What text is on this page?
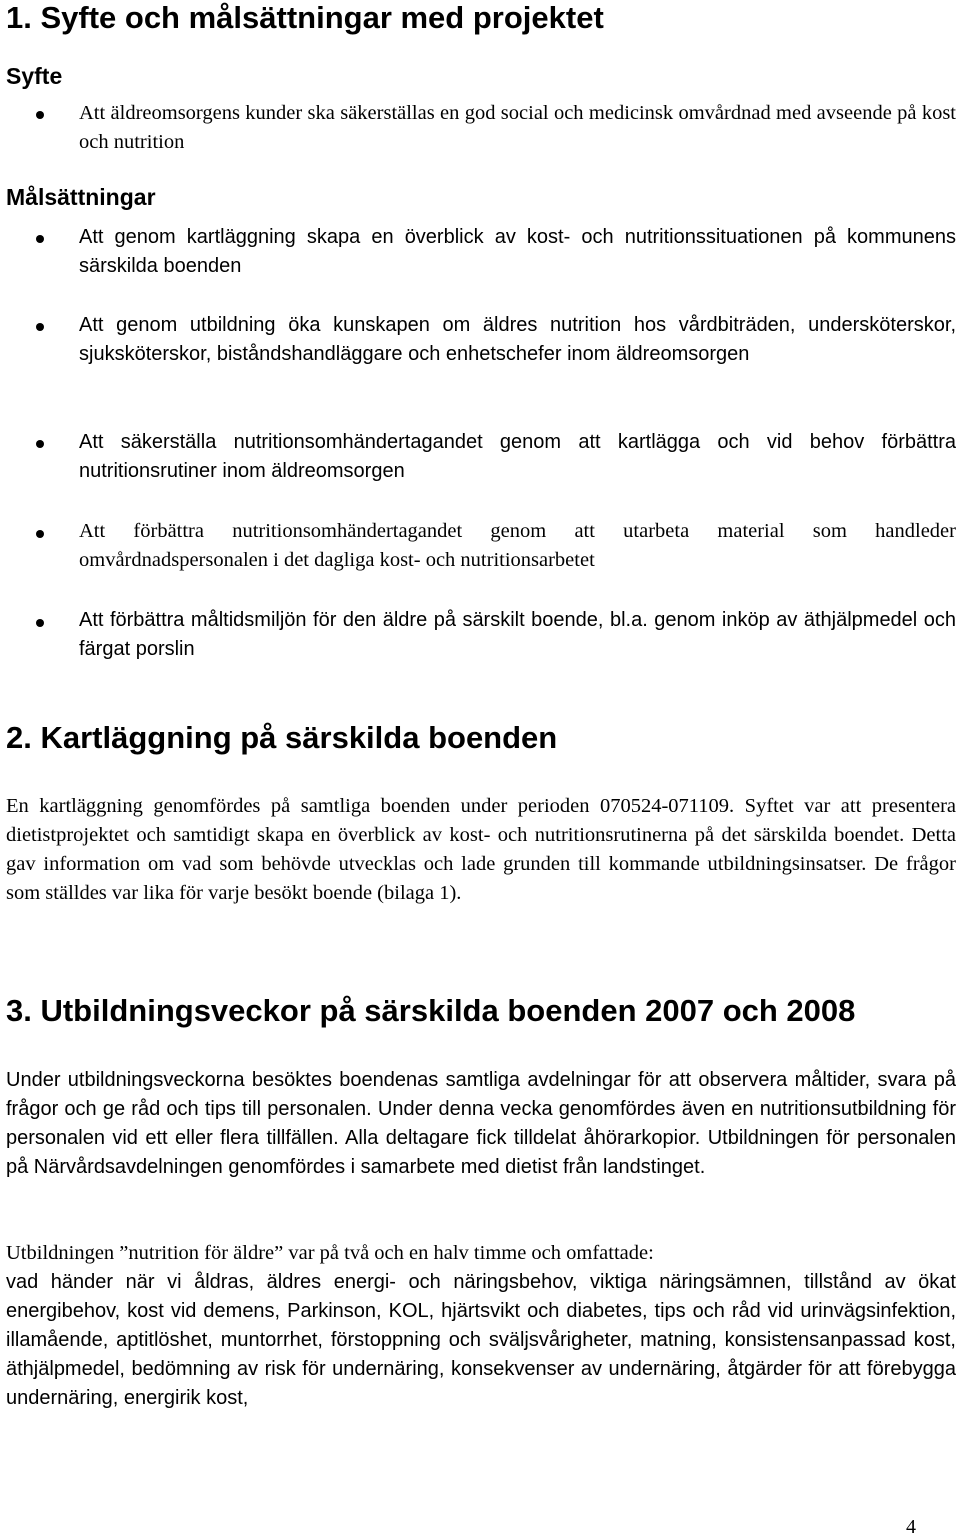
1. Syfte och målsättningar med projektet
Syfte

Att äldreomsorgens kunder ska säkerställas en god social och medicinsk omvårdnad med avseende på kost och nutrition

Målsättningar

Att genom kartläggning skapa en överblick av kost- och nutritionssituationen på kommunens särskilda boenden

Att genom utbildning öka kunskapen om äldres nutrition hos vårdbiträden, undersköterskor, sjuksköterskor, biståndshandläggare och enhetschefer inom äldreomsorgen

Att säkerställa nutritionsomhändertagandet genom att kartlägga och vid behov förbättra nutritionsrutiner inom äldreomsorgen

Att förbättra nutritionsomhändertagandet genom att utarbeta material som handleder omvårdnadspersonalen i det dagliga kost- och nutritionsarbetet

Att förbättra måltidsmiljön för den äldre på särskilt boende, bl.a. genom inköp av äthjälpmedel och färgat porslin

2. Kartläggning på särskilda boenden

En kartläggning genomfördes på samtliga boenden under perioden 070524-071109. Syftet var att presentera dietistprojektet och samtidigt skapa en överblick av kost- och nutritionsrutinerna på det särskilda boendet. Detta gav information om vad som behövde utvecklas och lade grunden till kommande utbildningsinsatser. De frågor som ställdes var lika för varje besökt boende (bilaga 1).

3. Utbildningsveckor på särskilda boenden 2007 och 2008

Under utbildningsveckorna besöktes boendenas samtliga avdelningar för att observera måltider, svara på frågor och ge råd och tips till personalen. Under denna vecka genomfördes även en nutritionsutbildning för personalen vid ett eller flera tillfällen. Alla deltagare fick tilldelat åhörarkopior. Utbildningen för personalen på Närvårdsavdelningen genomfördes i samarbete med dietist från landstinget.

Utbildningen ”nutrition för äldre” var på två och en halv timme och omfattade:

vad händer när vi åldras, äldres energi- och näringsbehov, viktiga näringsämnen, tillstånd av ökat energibehov, kost vid demens, Parkinson, KOL, hjärtsvikt och diabetes, tips och råd vid urinvägsinfektion, illamående, aptitlöshet, muntorrhet, förstoppning och sväljsvårigheter, matning, konsistensanpassad kost, äthjälpmedel, bedömning av risk för undernäring, konsekvenser av undernäring, åtgärder för att förebygga undernäring, energirik kost,

4
